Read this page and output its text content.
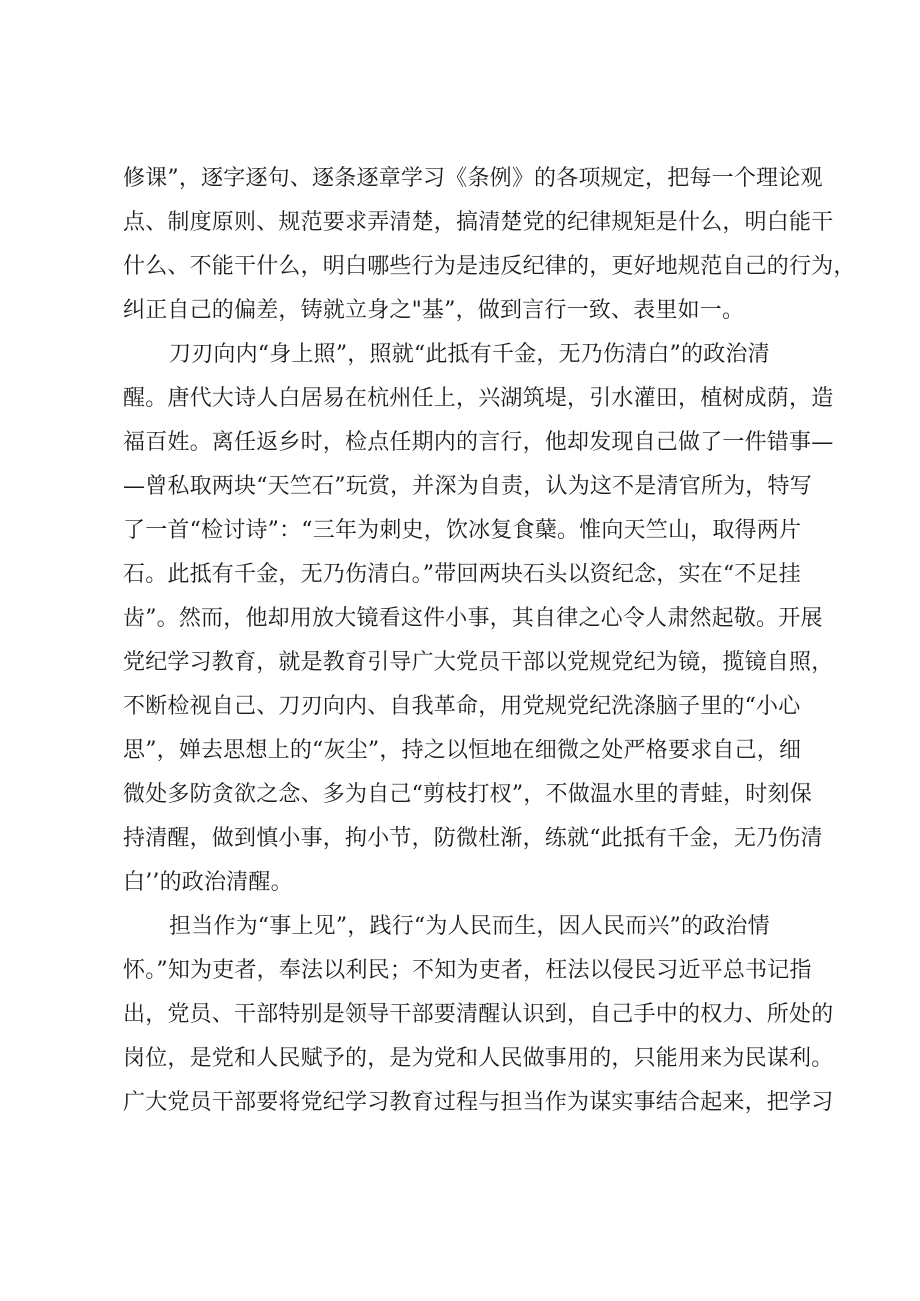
修课”，逐字逐句、逐条逐章学习《条例》的各项规定，把每一个理论观
点、制度原则、规范要求弄清楚，搞清楚党的纪律规矩是什么，明白能干
什么、不能干什么，明白哪些行为是违反纪律的，更好地规范自己的行为，
纠正自己的偏差，铸就立身之"基”，做到言行一致、表里如一。
刀刃向内“身上照”，照就“此抵有千金，无乃伤清白”的政治清
醒。唐代大诗人白居易在杭州任上，兴湖筑堤，引水灌田，植树成荫，造
福百姓。离任返乡时，检点任期内的言行，他却发现自己做了一件错事—
—曾私取两块“天竺石”玩赏，并深为自责，认为这不是清官所为，特写
了一首“检讨诗”：“三年为刺史，饮冰复食蘖。惟向天竺山，取得两片
石。此抵有千金，无乃伤清白。”带回两块石头以资纪念，实在“不足挂
齿”。然而，他却用放大镜看这件小事，其自律之心令人肃然起敬。开展
党纪学习教育，就是教育引导广大党员干部以党规党纪为镜，揽镜自照，
不断检视自己、刀刃向内、自我革命，用党规党纪洗涤脑子里的“小心
思”，婵去思想上的“灰尘”，持之以恒地在细微之处严格要求自己，细
微处多防贪欲之念、多为自己“剪枝打杈”，不做温水里的青蛙，时刻保
持清醒，做到慎小事，拘小节，防微杜渐，练就“此抵有千金，无乃伤清
白’’的政治清醒。
担当作为“事上见”，践行“为人民而生，因人民而兴”的政治情
怀。”知为吏者，奉法以利民；不知为吏者，枉法以侵民习近平总书记指
出，党员、干部特别是领导干部要清醒认识到，自己手中的权力、所处的
岗位，是党和人民赋予的，是为党和人民做事用的，只能用来为民谋利。
广大党员干部要将党纪学习教育过程与担当作为谋实事结合起来，把学习
